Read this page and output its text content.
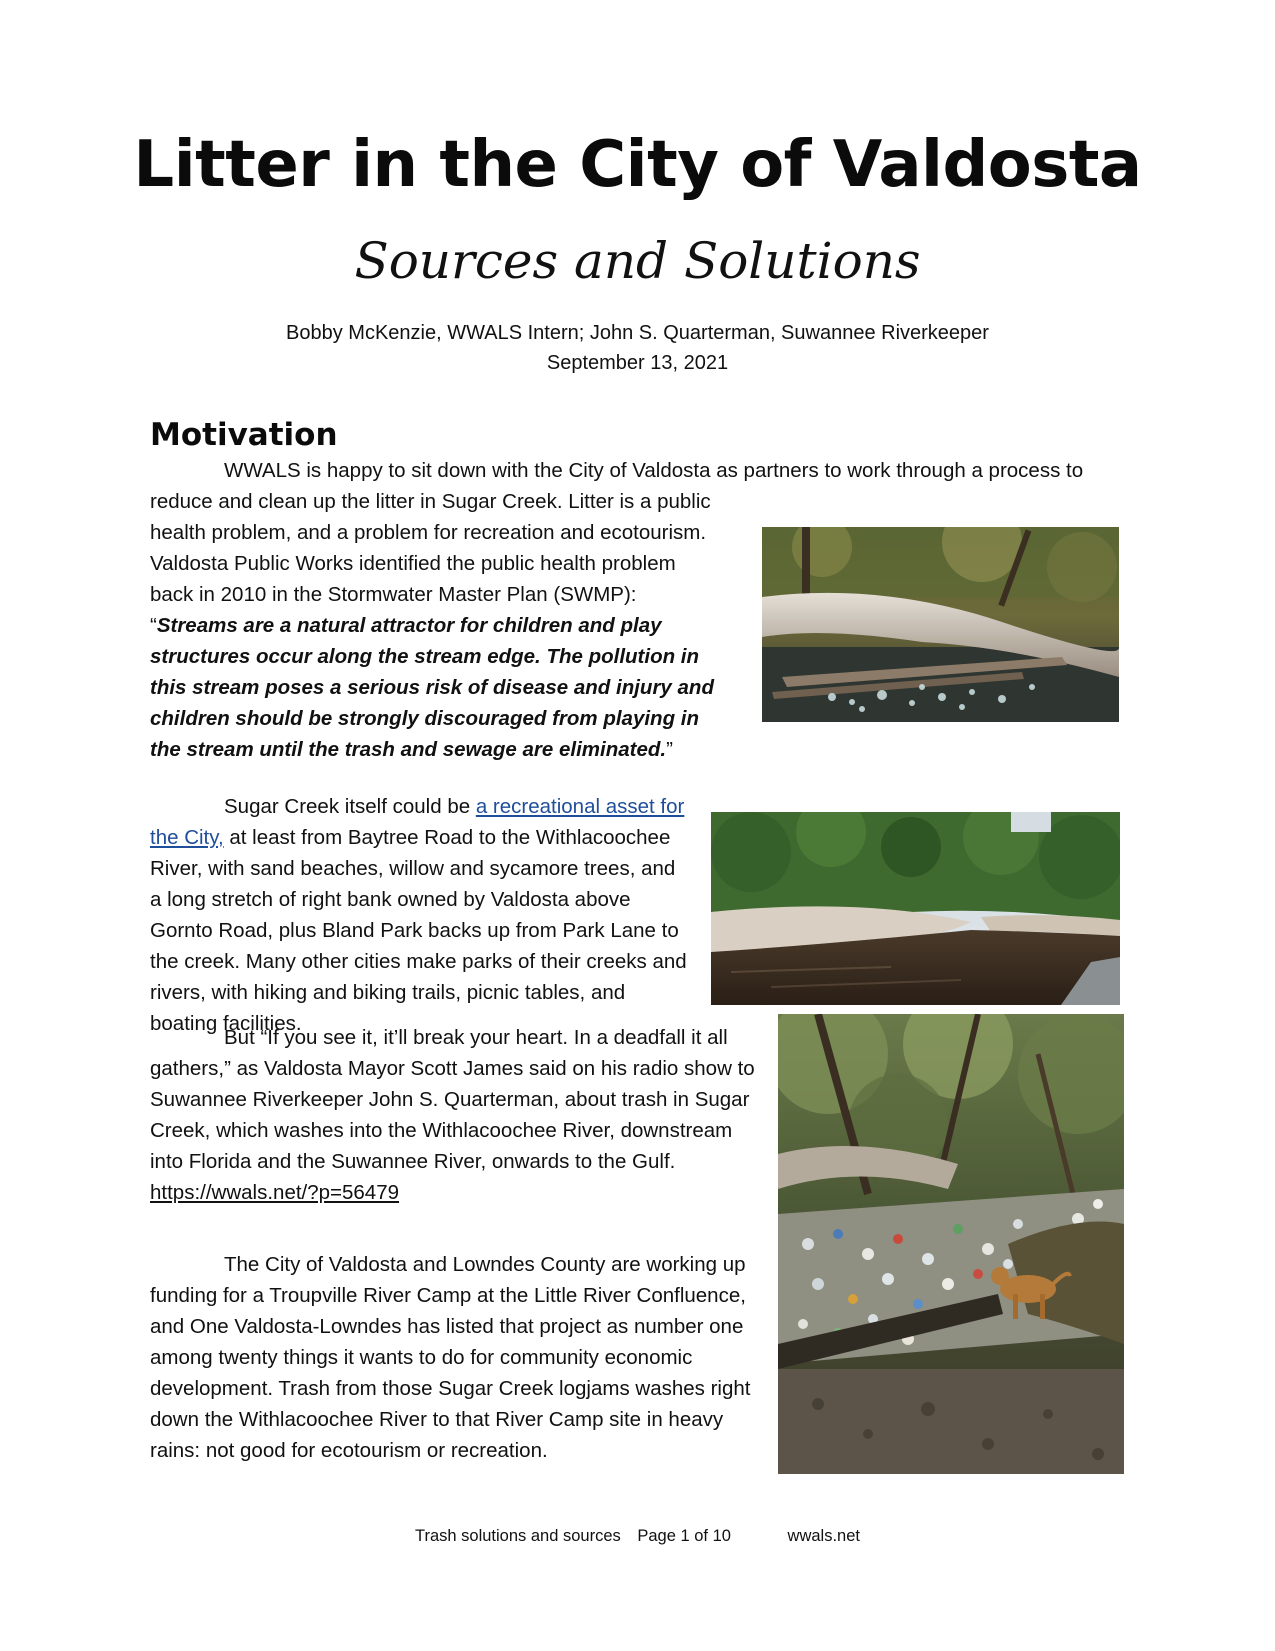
Litter in the City of Valdosta
Sources and Solutions
Bobby McKenzie, WWALS Intern; John S. Quarterman, Suwannee Riverkeeper
September 13, 2021
Motivation

WWALS is happy to sit down with the City of Valdosta as partners to work through a process to

reduce and clean up the litter in Sugar Creek. Litter is a public health problem, and a problem for recreation and ecotourism. Valdosta Public Works identified the public health problem back in 2010 in the Stormwater Master Plan (SWMP): “Streams are a natural attractor for children and play structures occur along the stream edge. The pollution in this stream poses a serious risk of disease and injury and children should be strongly discouraged from playing in the stream until the trash and sewage are eliminated.”

Sugar Creek itself could be a recreational asset for the City, at least from Baytree Road to the Withlacoochee River, with sand beaches, willow and sycamore trees, and a long stretch of right bank owned by Valdosta above Gornto Road, plus Bland Park backs up from Park Lane to the creek. Many other cities make parks of their creeks and rivers, with hiking and biking trails, picnic tables, and boating facilities.

But “If you see it, it’ll break your heart. In a deadfall it all gathers,” as Valdosta Mayor Scott James said on his radio show to Suwannee Riverkeeper John S. Quarterman, about trash in Sugar Creek, which washes into the Withlacoochee River, downstream into Florida and the Suwannee River, onwards to the Gulf.
https://wwals.net/?p=56479

The City of Valdosta and Lowndes County are working up funding for a Troupville River Camp at the Little River Confluence, and One Valdosta-Lowndes has listed that project as number one among twenty things it wants to do for community economic development. Trash from those Sugar Creek logjams washes right down the Withlacoochee River to that River Camp site in heavy rains: not good for ecotourism or recreation.

Trash solutions and sources Page 1 of 10	wwals.net
